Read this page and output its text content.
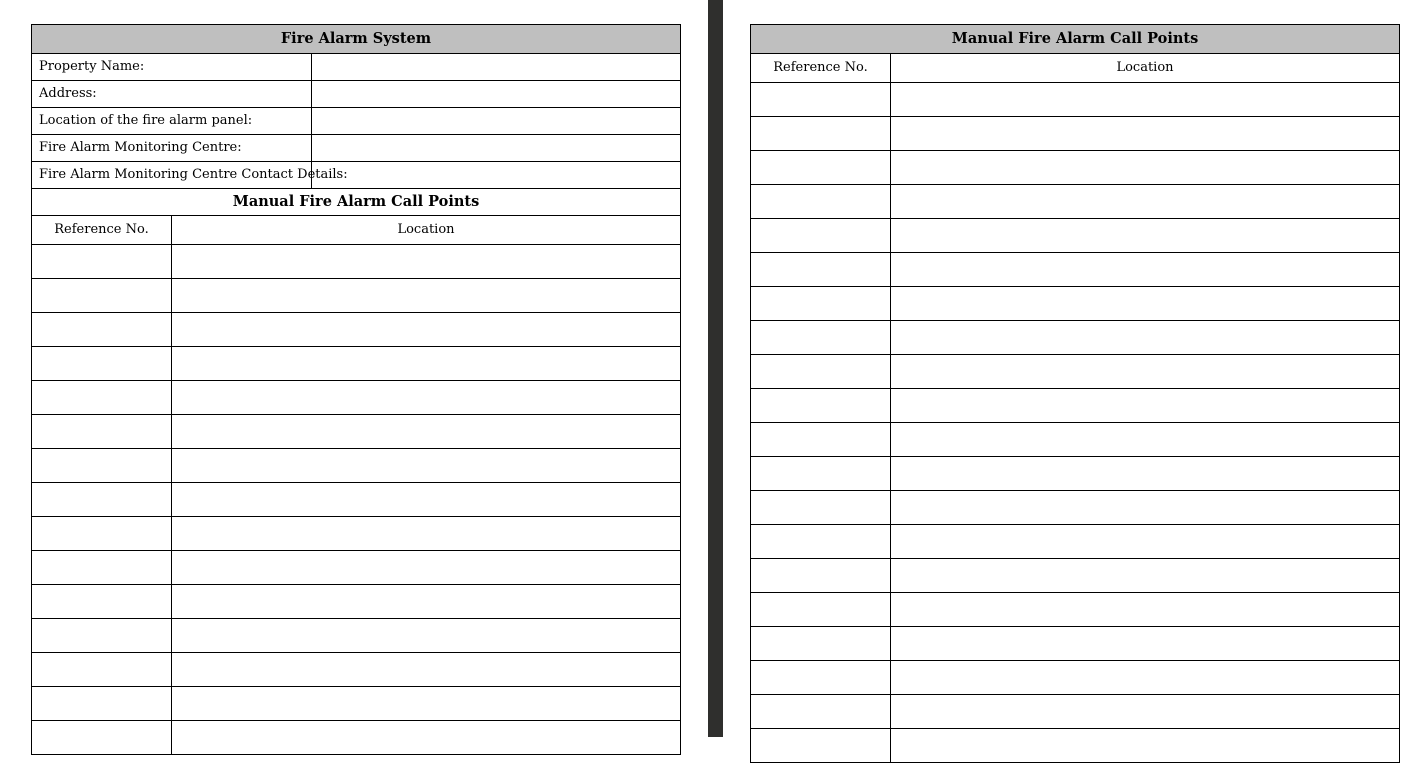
Fire Alarm System		
Property Name:		
Address:		
Location of the fire alarm panel:		
Fire Alarm Monitoring Centre:		
Fire Alarm Monitoring Centre Contact Details:		
Manual Fire Alarm Call Points		
Reference No.	Location	

Manual Fire Alarm Call Points	
Reference No.	Location
